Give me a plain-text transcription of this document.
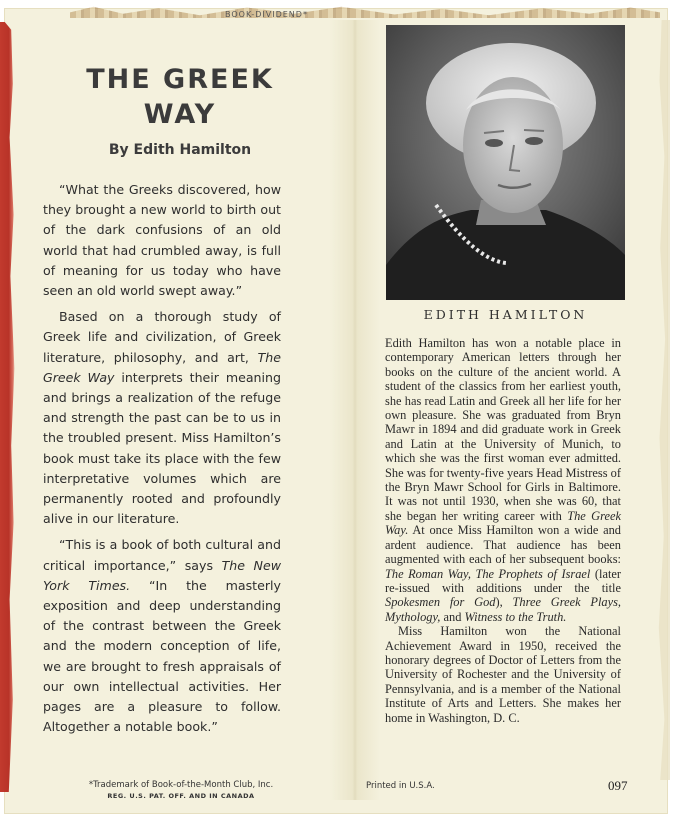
BOOK-DIVIDEND*
THE GREEK
WAY
By Edith Hamilton

“What the Greeks discovered, how they brought a new world to birth out of the dark confusions of an old world that had crumbled away, is full of meaning for us today who have seen an old world swept away.”

Based on a thorough study of Greek life and civilization, of Greek literature, philosophy, and art, The Greek Way interprets their meaning and brings a realization of the refuge and strength the past can be to us in the troubled present. Miss Hamilton’s book must take its place with the few interpretative volumes which are permanently rooted and profoundly alive in our literature.

“This is a book of both cultural and critical importance,” says The New York Times. “In the masterly exposition and deep understanding of the contrast between the Greek and the modern conception of life, we are brought to fresh appraisals of our own intellectual activities. Her pages are a pleasure to follow. Altogether a notable book.”

EDITH HAMILTON

Edith Hamilton has won a notable place in contemporary American letters through her books on the culture of the ancient world. A student of the classics from her earliest youth, she has read Latin and Greek all her life for her own pleasure. She was graduated from Bryn Mawr in 1894 and did graduate work in Greek and Latin at the University of Munich, to which she was the first woman ever admitted. She was for twenty-five years Head Mistress of the Bryn Mawr School for Girls in Baltimore. It was not until 1930, when she was 60, that she began her writing career with The Greek Way. At once Miss Hamilton won a wide and ardent audience. That audience has been augmented with each of her subsequent books: The Roman Way, The Prophets of Israel (later re-issued with additions under the title Spokesmen for God), Three Greek Plays, Mythology, and Witness to the Truth.

Miss Hamilton won the National Achievement Award in 1950, received the honorary degrees of Doctor of Letters from the University of Rochester and the University of Pennsylvania, and is a member of the National Institute of Arts and Letters. She makes her home in Washington, D. C.

*Trademark of Book-of-the-Month Club, Inc.
REG. U.S. PAT. OFF. AND IN CANADA
Printed in U.S.A.	097
